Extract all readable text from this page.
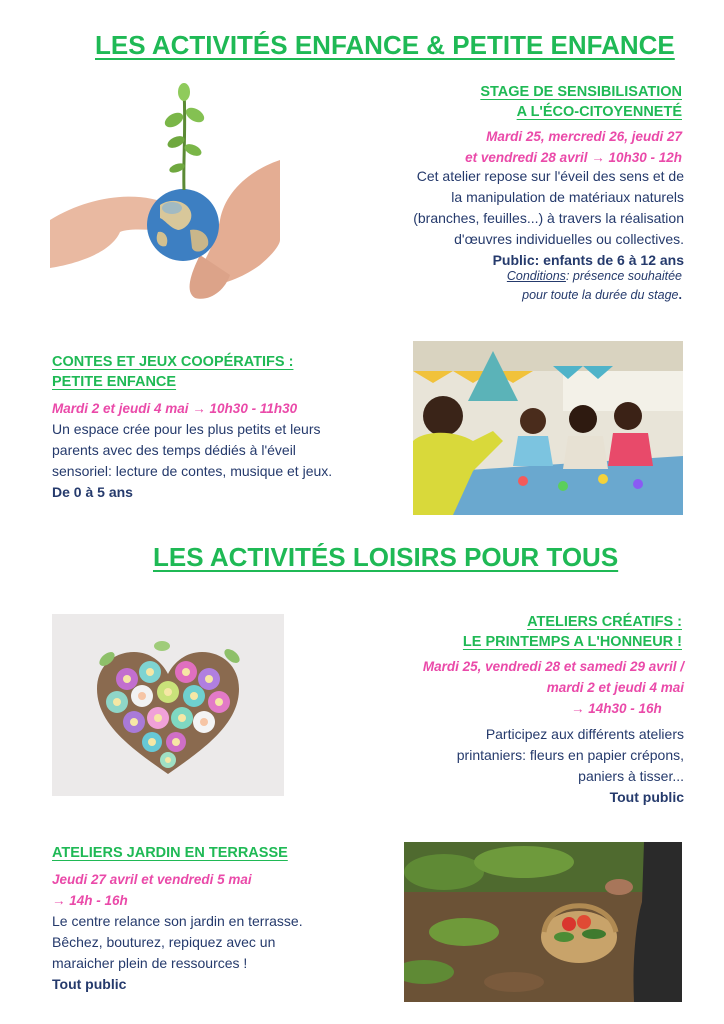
LES ACTIVITÉS ENFANCE & PETITE ENFANCE
STAGE DE SENSIBILISATION
A L'ÉCO-CITOYENNETÉ
Mardi 25, mercredi 26, jeudi 27
et vendredi 28 avril → 10h30 - 12h
Cet atelier repose sur l'éveil des sens et de
la manipulation de matériaux naturels
(branches, feuilles...) à travers la réalisation
d'œuvres individuelles ou collectives.
Public: enfants de 6 à 12 ans
Conditions: présence souhaitée
pour toute la durée du stage.
CONTES ET JEUX COOPÉRATIFS :
PETITE ENFANCE
Mardi 2 et jeudi 4 mai → 10h30 - 11h30
Un espace crée pour les plus petits et leurs
parents avec des temps dédiés à l'éveil
sensoriel: lecture de contes, musique et jeux.
De 0 à 5 ans
LES ACTIVITÉS LOISIRS POUR TOUS
ATELIERS CRÉATIFS :
LE PRINTEMPS A L'HONNEUR !
Mardi 25, vendredi 28 et samedi 29 avril /
mardi 2 et jeudi 4 mai
→ 14h30 - 16h
Participez aux différents ateliers
printaniers: fleurs en papier crépons,
paniers à tisser...
Tout public
ATELIERS JARDIN EN TERRASSE
Jeudi 27 avril et vendredi 5 mai
→ 14h - 16h
Le centre relance son jardin en terrasse.
Bêchez, bouturez, repiquez avec un
maraicher plein de ressources !
Tout public
